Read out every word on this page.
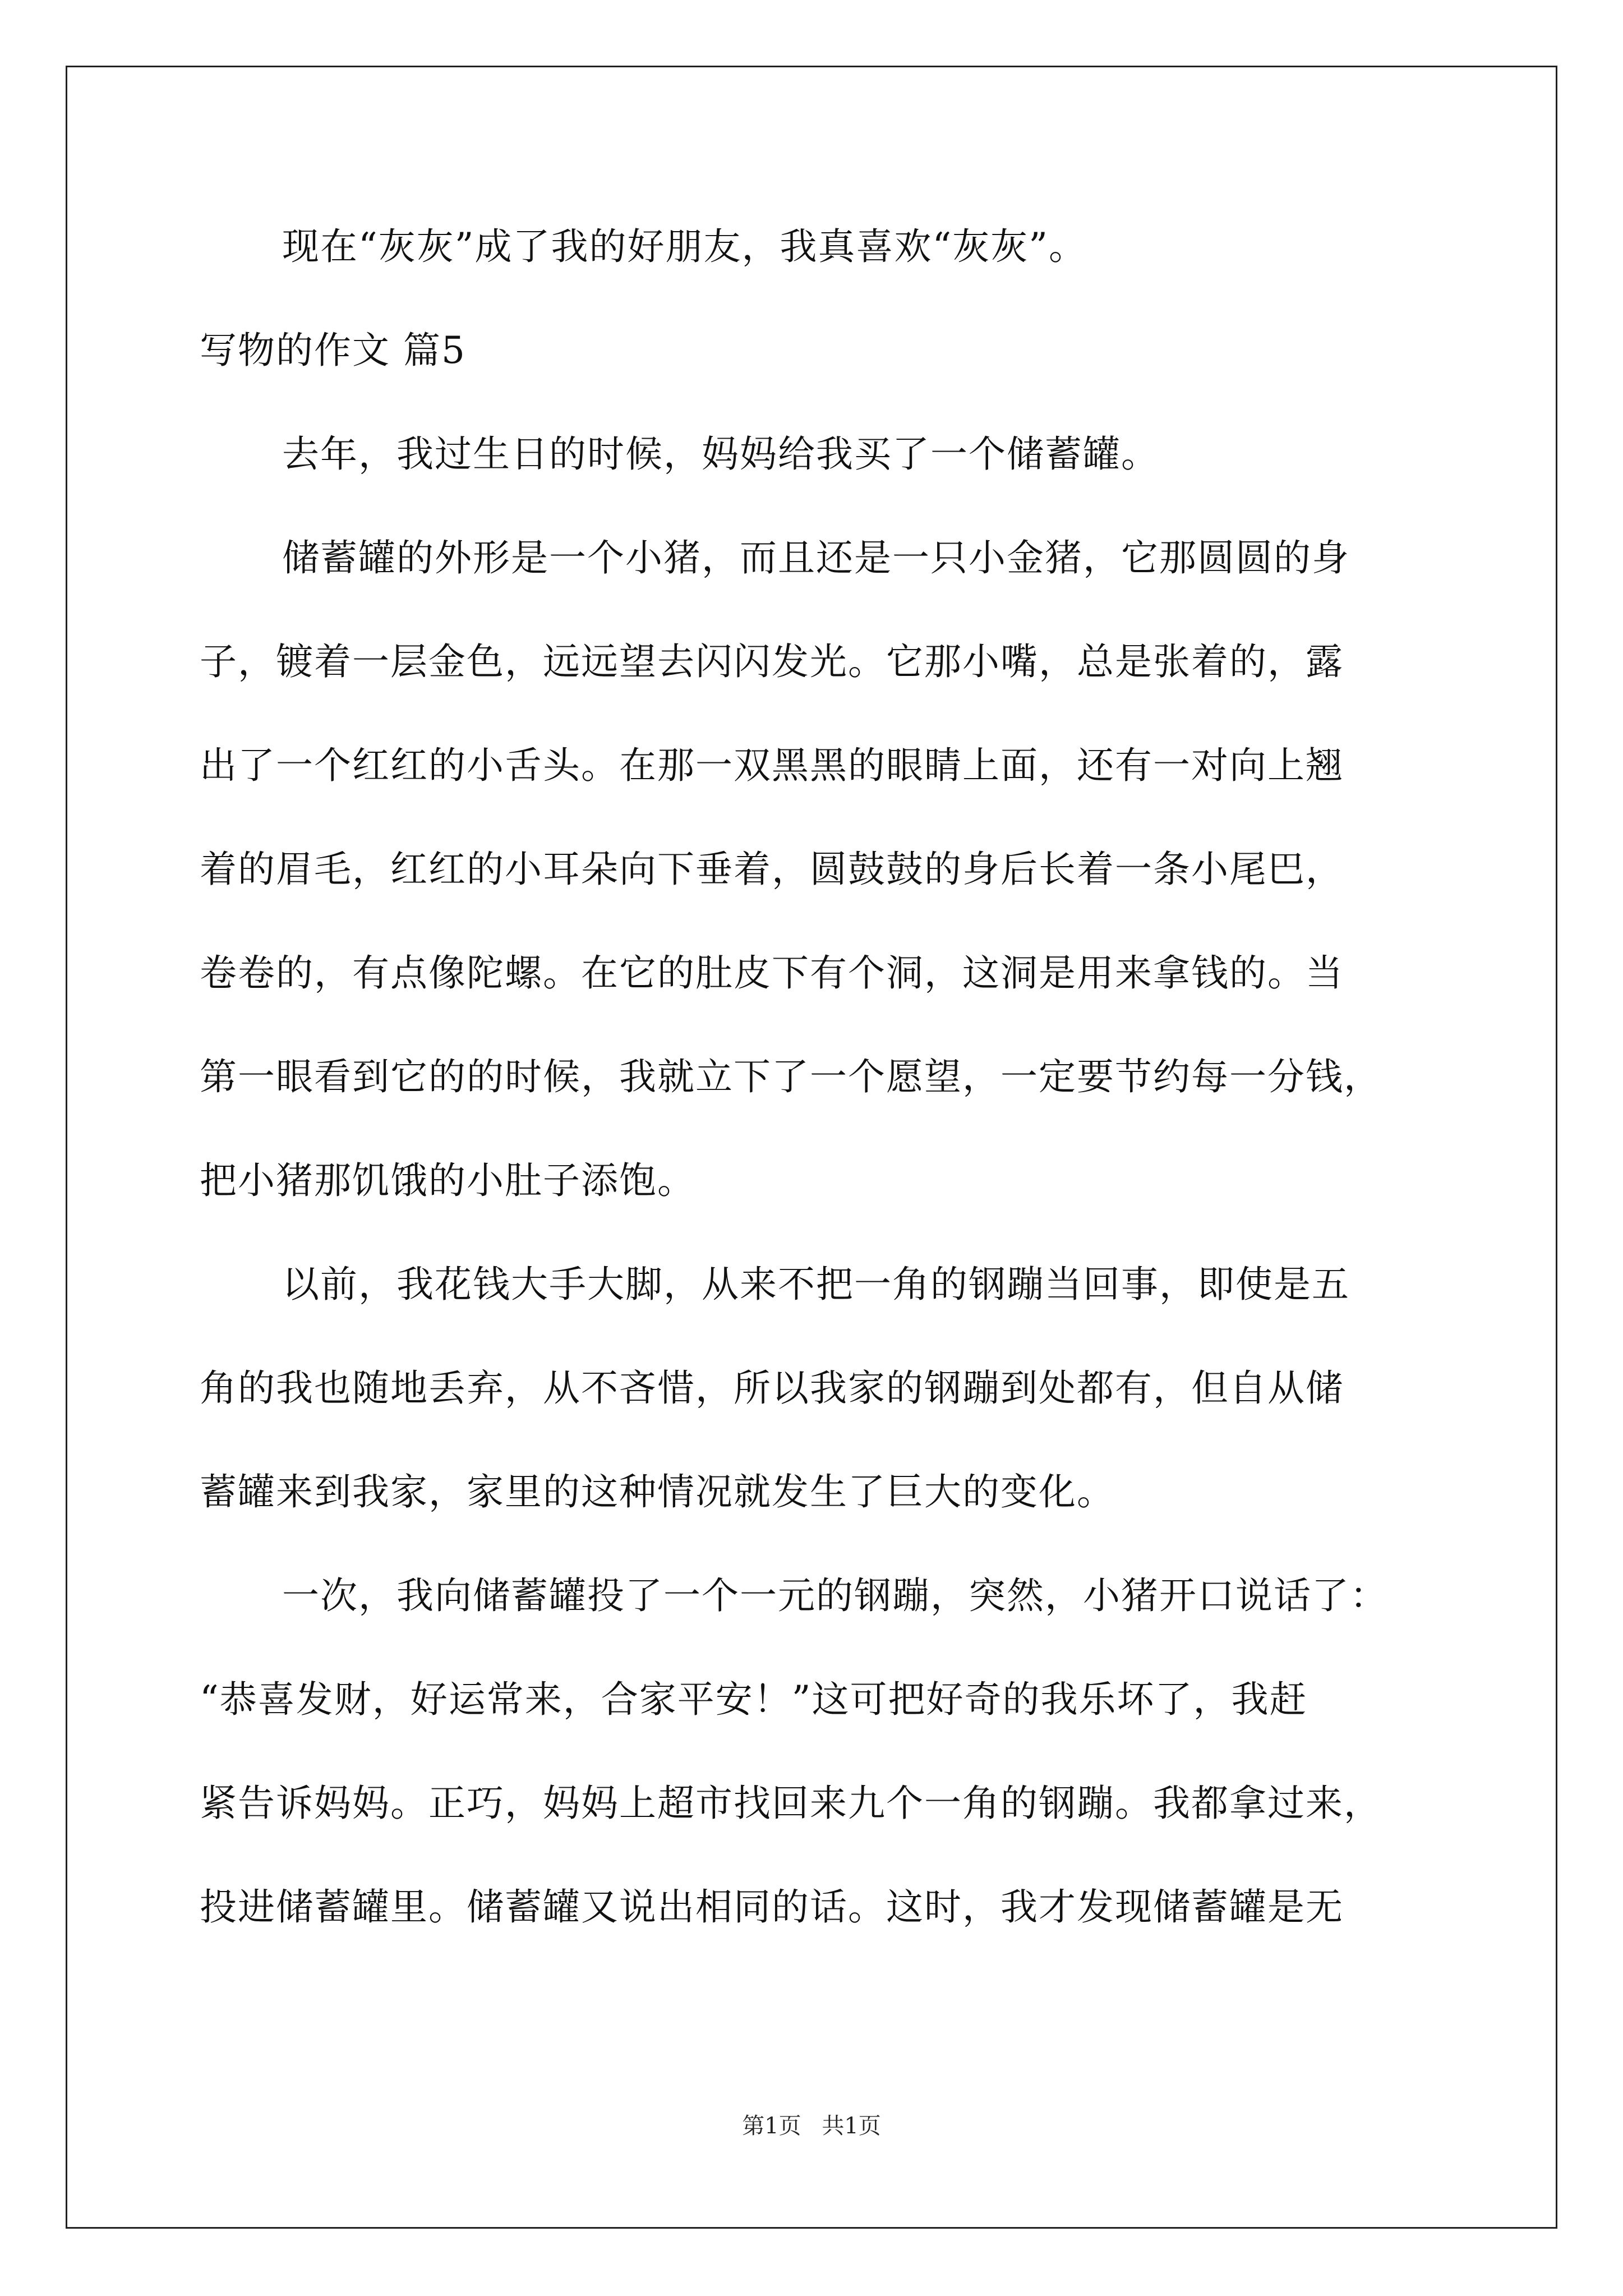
现在“灰灰”成了我的好朋友，我真喜欢“灰灰”。
写物的作文 篇5
去年，我过生日的时候，妈妈给我买了一个储蓄罐。
储蓄罐的外形是一个小猪，而且还是一只小金猪，它那圆圆的身
子，镀着一层金色，远远望去闪闪发光。它那小嘴，总是张着的，露
出了一个红红的小舌头。在那一双黑黑的眼睛上面，还有一对向上翘
着的眉毛，红红的小耳朵向下垂着，圆鼓鼓的身后长着一条小尾巴，
卷卷的，有点像陀螺。在它的肚皮下有个洞，这洞是用来拿钱的。当
第一眼看到它的的时候，我就立下了一个愿望，一定要节约每一分钱，
把小猪那饥饿的小肚子添饱。
以前，我花钱大手大脚，从来不把一角的钢蹦当回事，即使是五
角的我也随地丢弃，从不吝惜，所以我家的钢蹦到处都有，但自从储
蓄罐来到我家，家里的这种情况就发生了巨大的变化。
一次，我向储蓄罐投了一个一元的钢蹦，突然，小猪开口说话了：
“恭喜发财，好运常来，合家平安！”这可把好奇的我乐坏了，我赶
紧告诉妈妈。正巧，妈妈上超市找回来九个一角的钢蹦。我都拿过来，
投进储蓄罐里。储蓄罐又说出相同的话。这时，我才发现储蓄罐是无
第1页 共1页
